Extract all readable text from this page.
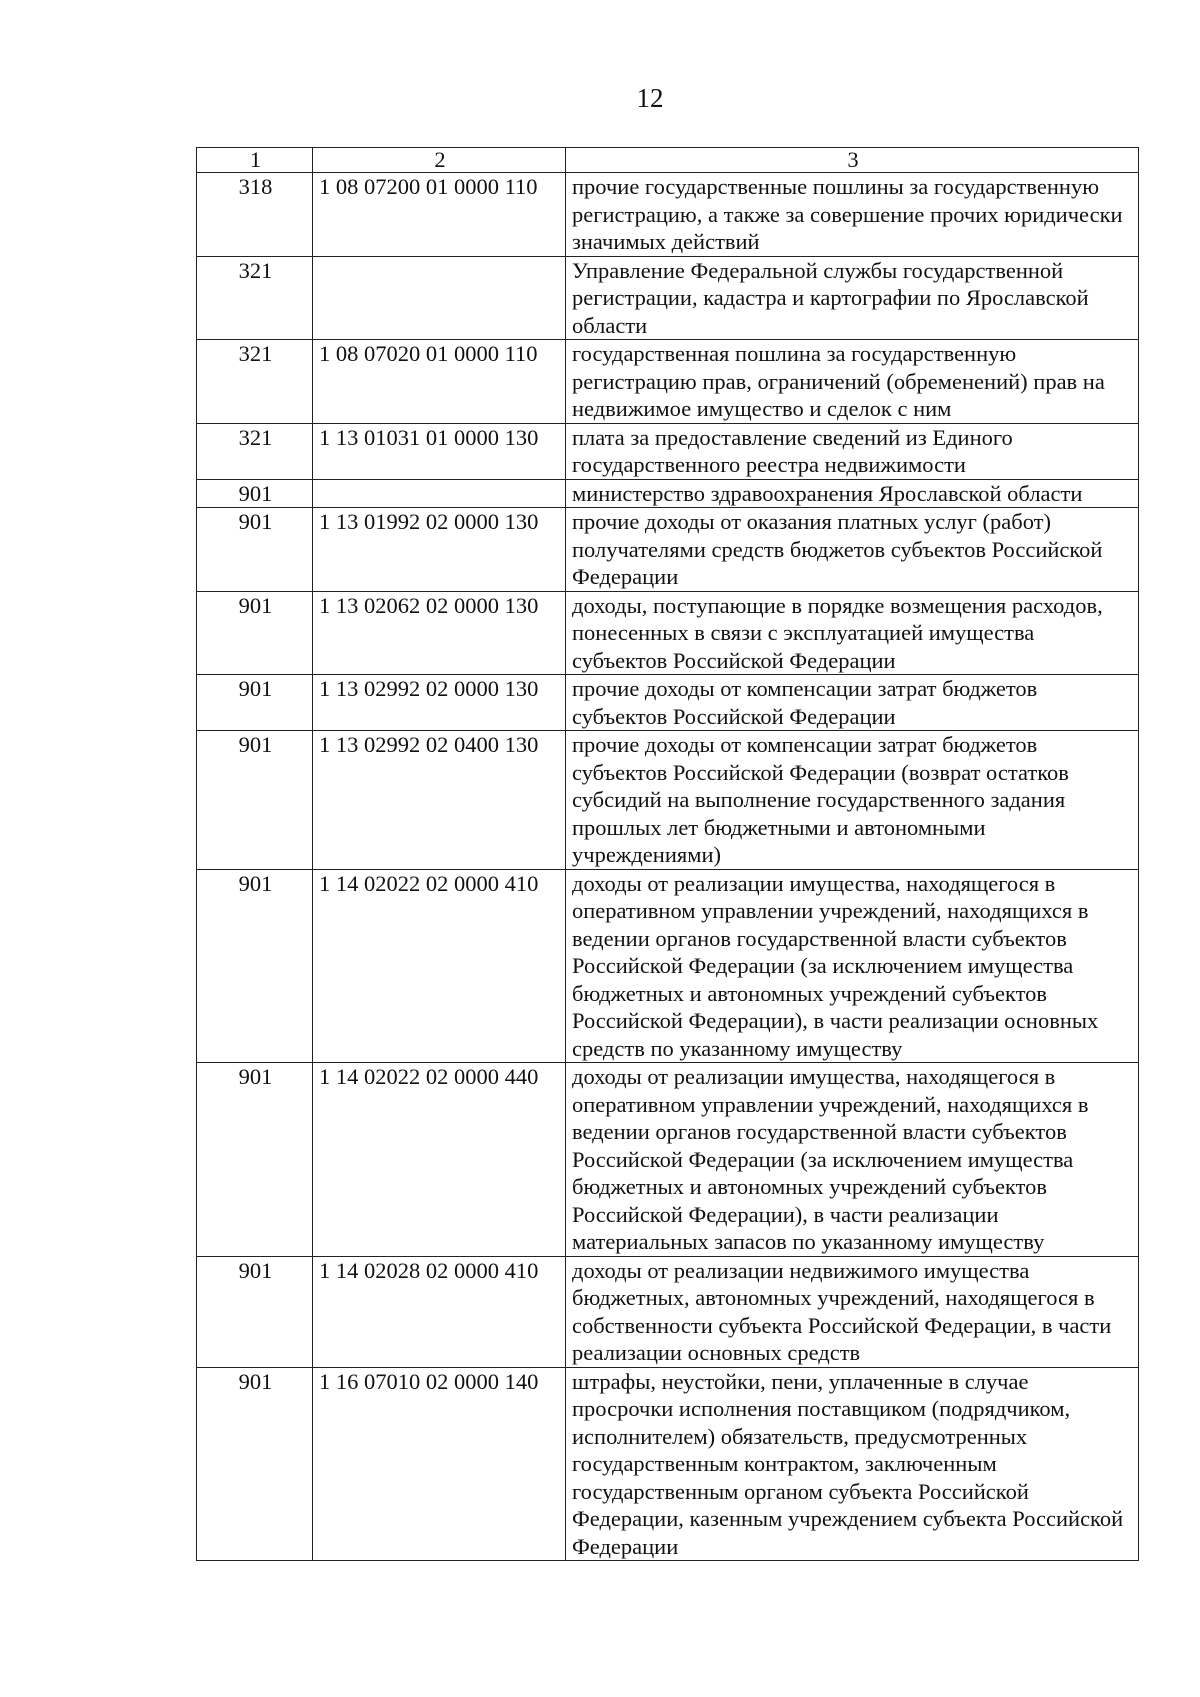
12
1	2	3
318	1 08 07200 01 0000 110	прочие государственные пошлины за государственную регистрацию, а также за совершение прочих юридически значимых действий
321		Управление Федеральной службы государственной регистрации, кадастра и картографии по Ярославской области
321	1 08 07020 01 0000 110	государственная пошлина за государственную регистрацию прав, ограничений (обременений) прав на недвижимое имущество и сделок с ним
321	1 13 01031 01 0000 130	плата за предоставление сведений из Единого государственного реестра недвижимости
901		министерство здравоохранения Ярославской области
901	1 13 01992 02 0000 130	прочие доходы от оказания платных услуг (работ) получателями средств бюджетов субъектов Российской Федерации
901	1 13 02062 02 0000 130	доходы, поступающие в порядке возмещения расходов, понесенных в связи с эксплуатацией имущества субъектов Российской Федерации
901	1 13 02992 02 0000 130	прочие доходы от компенсации затрат бюджетов субъектов Российской Федерации
901	1 13 02992 02 0400 130	прочие доходы от компенсации затрат бюджетов субъектов Российской Федерации (возврат остатков субсидий на выполнение государственного задания прошлых лет бюджетными и автономными учреждениями)
901	1 14 02022 02 0000 410	доходы от реализации имущества, находящегося в оперативном управлении учреждений, находящихся в ведении органов государственной власти субъектов Российской Федерации (за исключением имущества бюджетных и автономных учреждений субъектов Российской Федерации), в части реализации основных средств по указанному имуществу
901	1 14 02022 02 0000 440	доходы от реализации имущества, находящегося в оперативном управлении учреждений, находящихся в ведении органов государственной власти субъектов Российской Федерации (за исключением имущества бюджетных и автономных учреждений субъектов Российской Федерации), в части реализации материальных запасов по указанному имуществу
901	1 14 02028 02 0000 410	доходы от реализации недвижимого имущества бюджетных, автономных учреждений, находящегося в собственности субъекта Российской Федерации, в части реализации основных средств
901	1 16 07010 02 0000 140	штрафы, неустойки, пени, уплаченные в случае просрочки исполнения поставщиком (подрядчиком, исполнителем) обязательств, предусмотренных государственным контрактом, заключенным государственным органом субъекта Российской Федерации, казенным учреждением субъекта Российской Федерации
